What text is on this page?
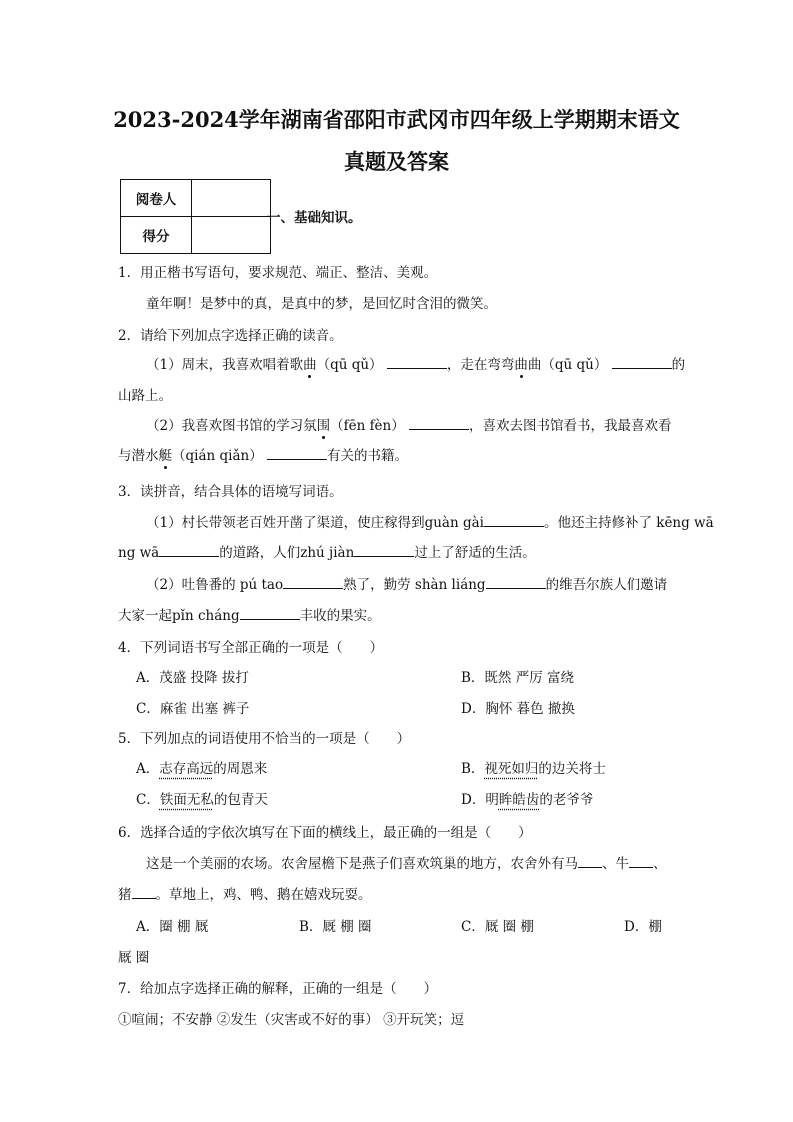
2023-2024学年湖南省邵阳市武冈市四年级上学期期末语文
真题及答案
阅卷人	
得分	
一、基础知识。
1．用正楷书写语句，要求规范、端正、整洁、美观。
童年啊！是梦中的真，是真中的梦，是回忆时含泪的微笑。
2．请给下列加点字选择正确的读音。
（1）周末，我喜欢唱着歌曲（qū qǔ）	，走在弯弯曲曲（qū qǔ）	的
山路上。
（2）我喜欢图书馆的学习氛围（fēn fèn）	，喜欢去图书馆看书，我最喜欢看
与潜水艇（qián qiǎn）	有关的书籍。
3．读拼音，结合具体的语境写词语。
（1）村长带领老百姓开凿了渠道，使庄稼得到guàn gài	。他还主持修补了 kēng wā
ng wā	的道路，人们zhú jiàn	过上了舒适的生活。
（2）吐鲁番的 pú tao	熟了，勤劳 shàn liáng	的维吾尔族人们邀请
大家一起pǐn cháng	丰收的果实。
4．下列词语书写全部正确的一项是（　　）
A．茂盛 投降 拔打	B．既然 严厉 富绕
C．麻雀 出塞 裤子	D．胸怀 暮色 撤换
5．下列加点的词语使用不恰当的一项是（　　）
A．志存高远的周恩来	B．视死如归的边关将士
C．铁面无私的包青天	D．明眸皓齿的老爷爷
6．选择合适的字依次填写在下面的横线上，最正确的一组是（　　）
这是一个美丽的农场。农舍屋檐下是燕子们喜欢筑巢的地方，农舍外有马 、牛 、
猪 。草地上，鸡、鸭、鹅在嬉戏玩耍。
A．圈 棚 厩	B．厩 棚 圈	C．厩 圈 棚	D．棚
厩 圈
7．给加点字选择正确的解释，正确的一组是（　　）
①喧闹；不安静 ②发生（灾害或不好的事） ③开玩笑；逗
